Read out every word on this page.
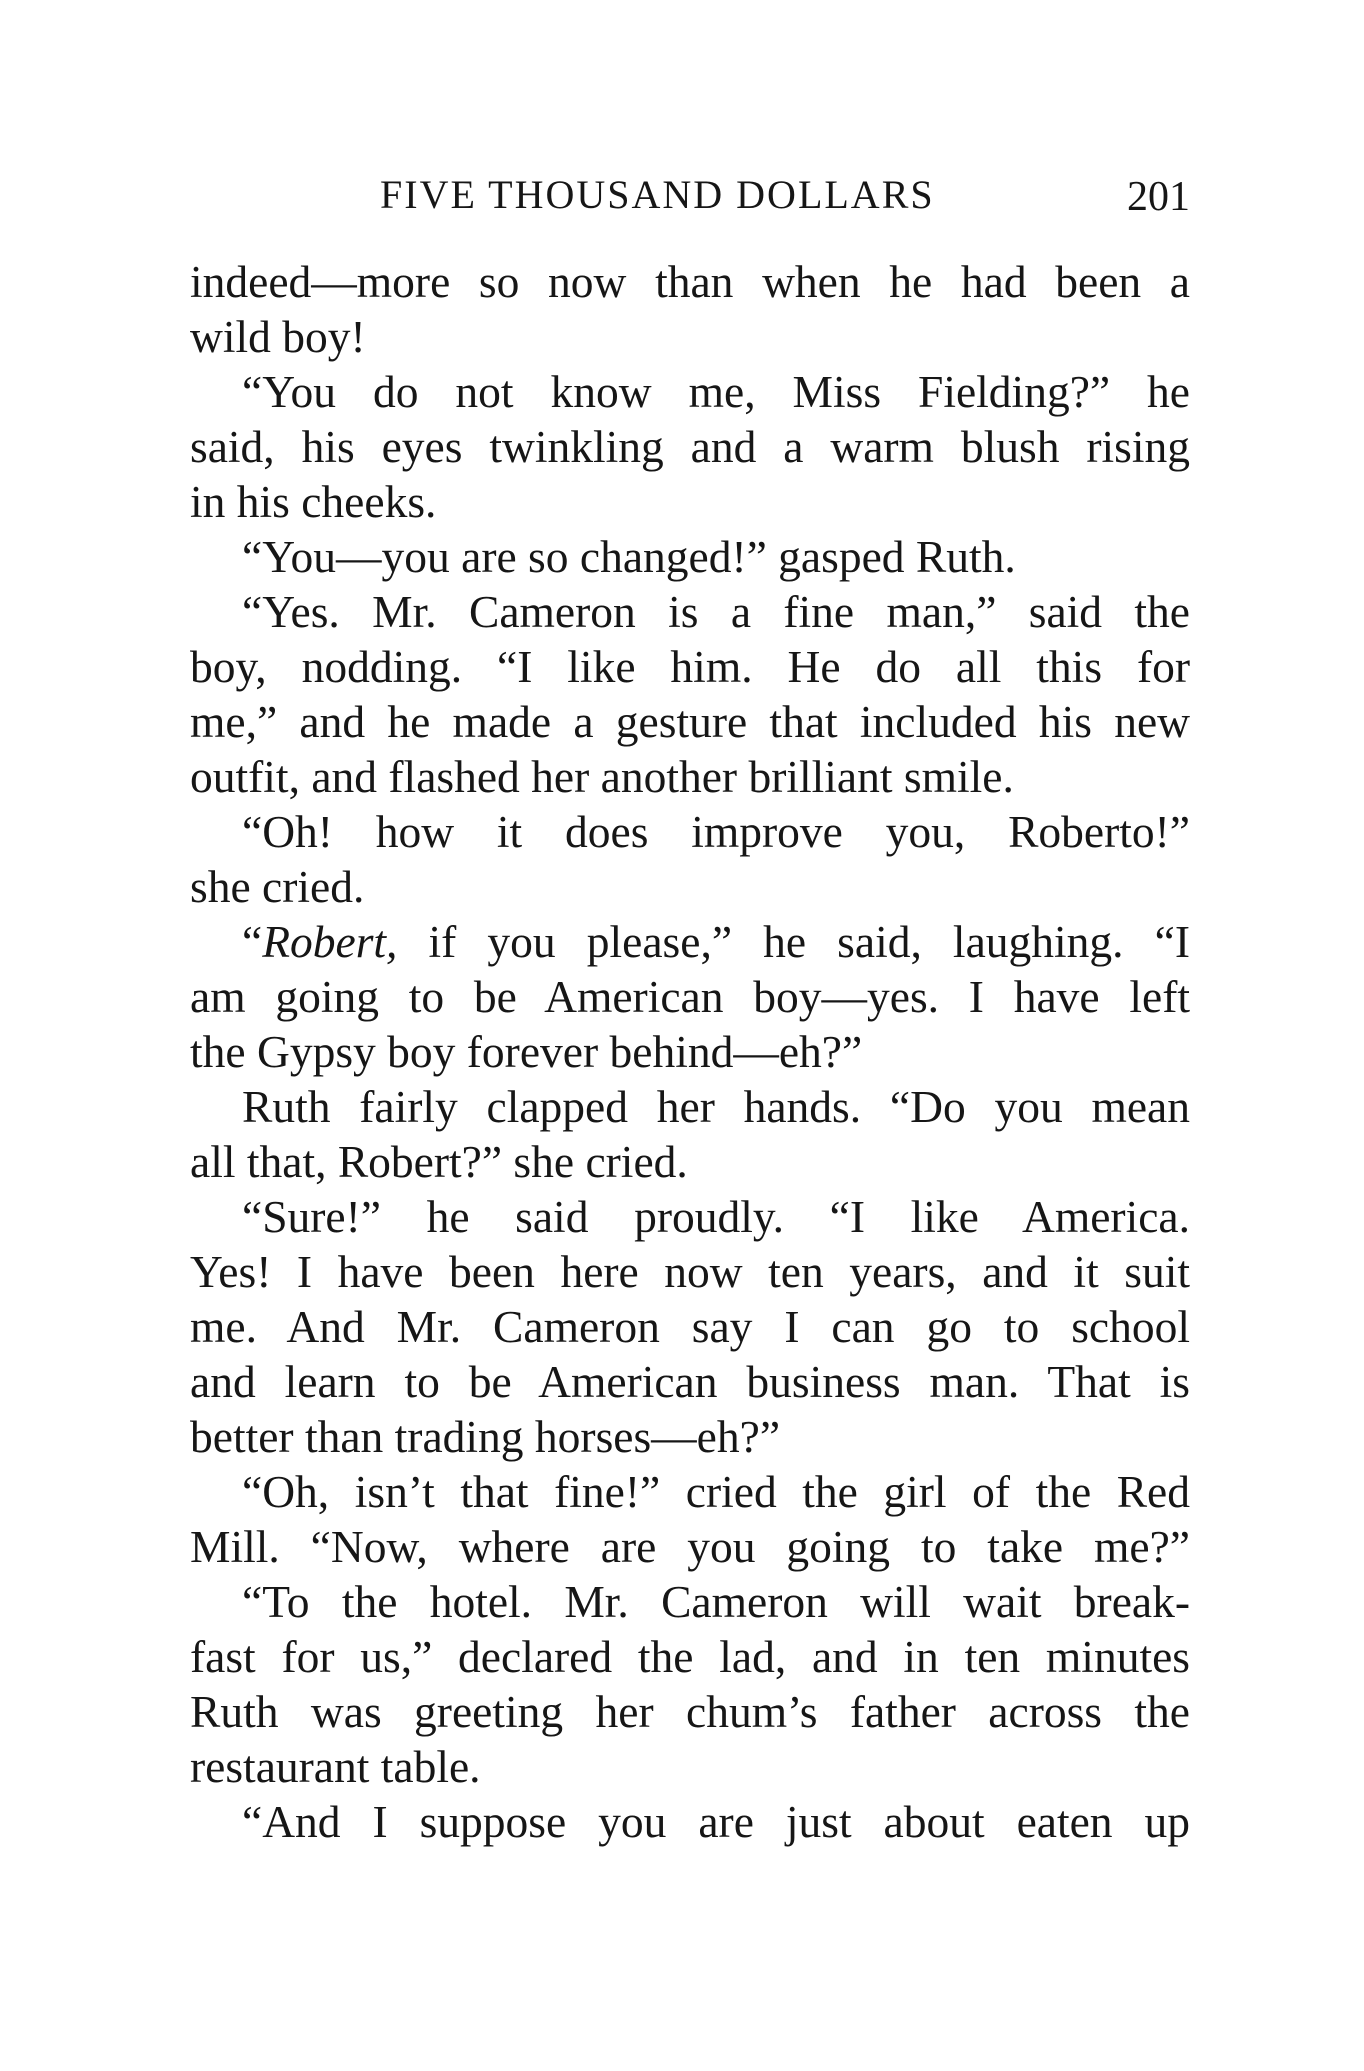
FIVE THOUSAND DOLLARS	201
indeed—more so now than when he had been a
wild boy!
“You do not know me, Miss Fielding?” he
said, his eyes twinkling and a warm blush rising
in his cheeks.
“You—you are so changed!” gasped Ruth.
“Yes. Mr. Cameron is a fine man,” said the
boy, nodding. “I like him. He do all this for
me,” and he made a gesture that included his new
outfit, and flashed her another brilliant smile.
“Oh! how it does improve you, Roberto!”
she cried.
“Robert, if you please,” he said, laughing. “I
am going to be American boy—yes. I have left
the Gypsy boy forever behind—eh?”
Ruth fairly clapped her hands. “Do you mean
all that, Robert?” she cried.
“Sure!” he said proudly. “I like America.
Yes! I have been here now ten years, and it suit
me. And Mr. Cameron say I can go to school
and learn to be American business man. That is
better than trading horses—eh?”
“Oh, isn’t that fine!” cried the girl of the Red
Mill. “Now, where are you going to take me?”
“To the hotel. Mr. Cameron will wait break-
fast for us,” declared the lad, and in ten minutes
Ruth was greeting her chum’s father across the
restaurant table.
“And I suppose you are just about eaten up
